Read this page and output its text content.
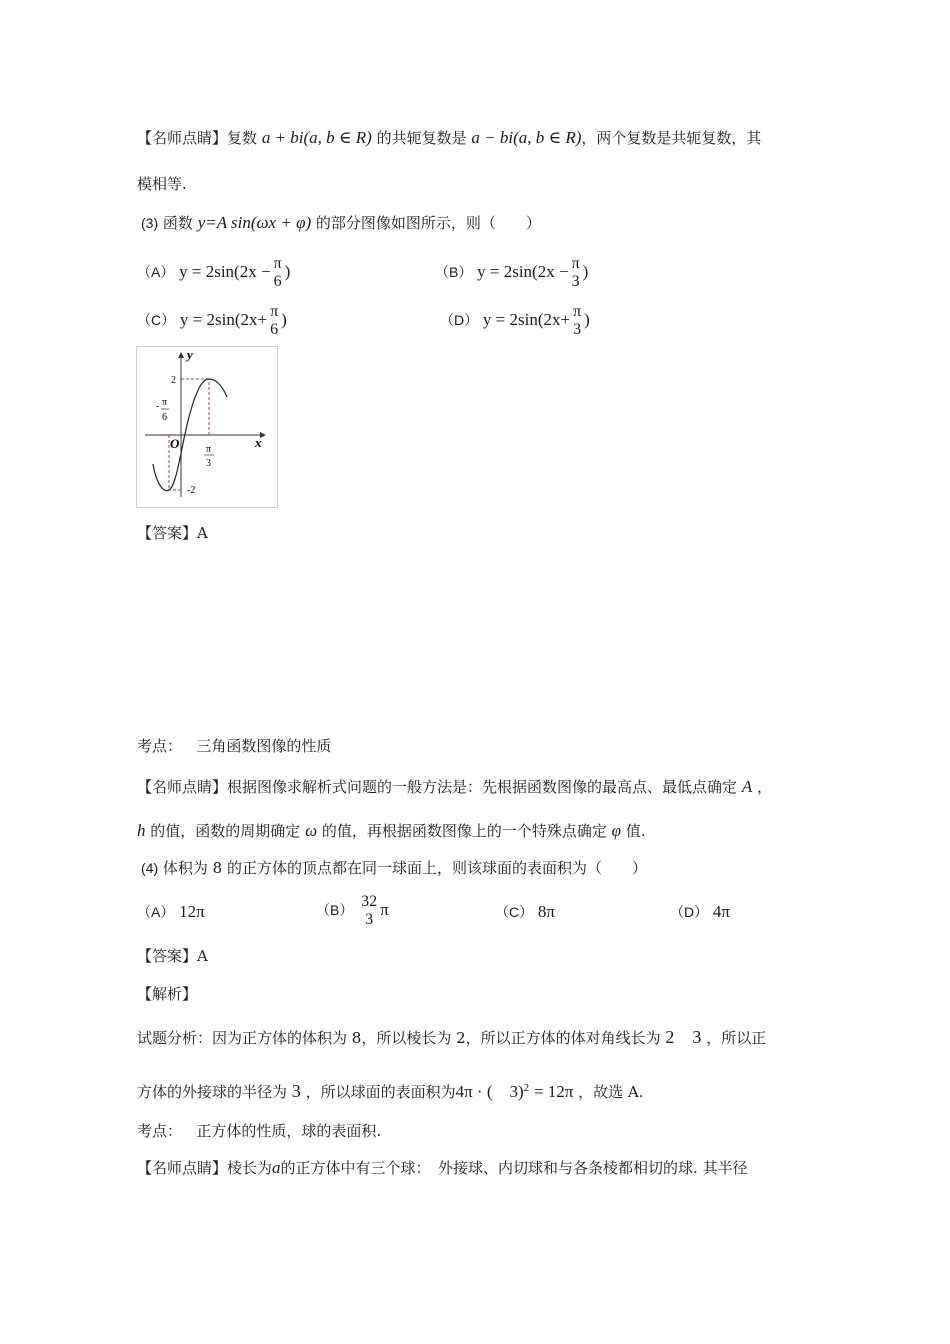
【名师点睛】复数 a + bi(a, b ∈ R) 的共轭复数是 a − bi(a, b ∈ R)，两个复数是共轭复数，其
模相等.
(3) 函数 y=A sin(ωx + φ) 的部分图像如图所示，则（　　）
（A） y = 2sin(2x − π
6
)	（B） y = 2sin(2x − π
3
)
（C） y = 2sin(2x+ π
6
)	（D） y = 2sin(2x+ π
3
)
y
x
O
2
-2
- π
6
π
3
【答案】A
考点： 三角函数图像的性质
【名师点睛】根据图像求解析式问题的一般方法是：先根据函数图像的最高点、最低点确定 A ，
h 的值，函数的周期确定 ω 的值，再根据函数图像上的一个特殊点确定 φ 值.
(4) 体积为 8 的正方体的顶点都在同一球面上，则该球面的表面积为（　　）
（A） 12π	（B） 32
3
π	（C） 8π	（D） 4π
【答案】A
【解析】
试题分析：因为正方体的体积为 8，所以棱长为 2，所以正方体的体对角线长为 2　3 ，所以正
方体的外接球的半径为 3 ，所以球面的表面积为4π · (　3)$^2$ = 12π ，故选 A.
考点： 正方体的性质，球的表面积.
【名师点睛】棱长为a的正方体中有三个球：　外接球、内切球和与各条棱都相切的球. 其半径
